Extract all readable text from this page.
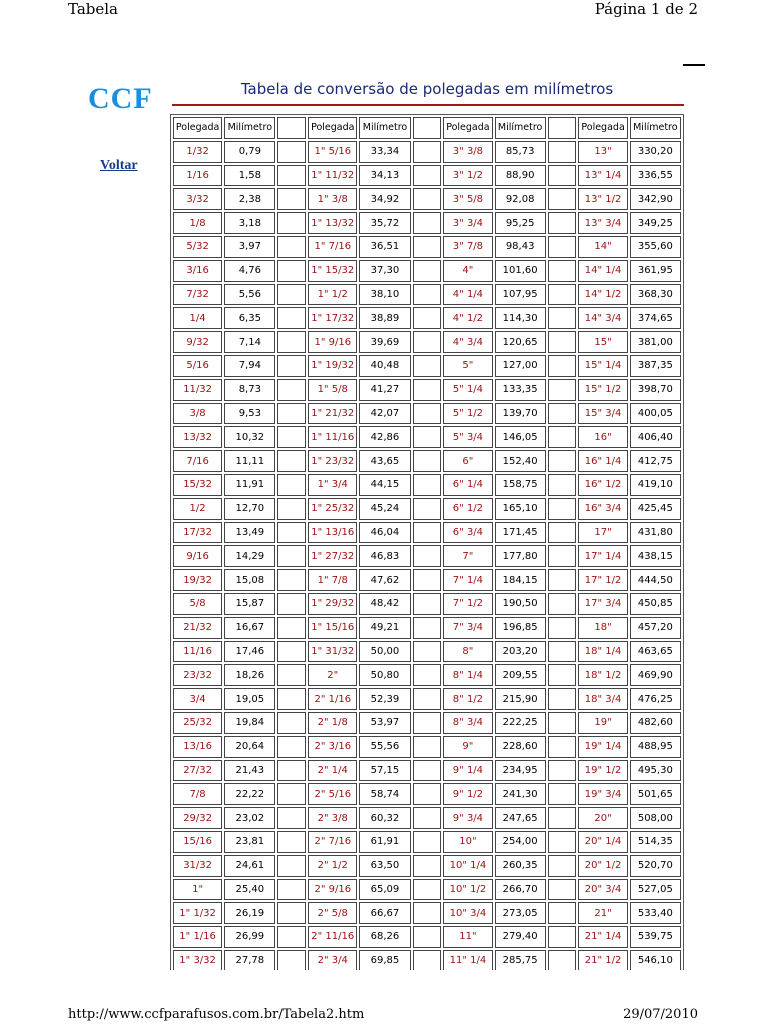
Tabela	Página 1 de 2
CCF
Voltar
Tabela de conversão de polegadas em milímetros
Polegada	Milímetro		Polegada	Milímetro		Polegada	Milímetro		Polegada	Milímetro
1/32	0,79		1" 5/16	33,34		3" 3/8	85,73		13"	330,20
1/16	1,58		1" 11/32	34,13		3" 1/2	88,90		13" 1/4	336,55
3/32	2,38		1" 3/8	34,92		3" 5/8	92,08		13" 1/2	342,90
1/8	3,18		1" 13/32	35,72		3" 3/4	95,25		13" 3/4	349,25
5/32	3,97		1" 7/16	36,51		3" 7/8	98,43		14"	355,60
3/16	4,76		1" 15/32	37,30		4"	101,60		14" 1/4	361,95
7/32	5,56		1" 1/2	38,10		4" 1/4	107,95		14" 1/2	368,30
1/4	6,35		1" 17/32	38,89		4" 1/2	114,30		14" 3/4	374,65
9/32	7,14		1" 9/16	39,69		4" 3/4	120,65		15"	381,00
5/16	7,94		1" 19/32	40,48		5"	127,00		15" 1/4	387,35
11/32	8,73		1" 5/8	41,27		5" 1/4	133,35		15" 1/2	398,70
3/8	9,53		1" 21/32	42,07		5" 1/2	139,70		15" 3/4	400,05
13/32	10,32		1" 11/16	42,86		5" 3/4	146,05		16"	406,40
7/16	11,11		1" 23/32	43,65		6"	152,40		16" 1/4	412,75
15/32	11,91		1" 3/4	44,15		6" 1/4	158,75		16" 1/2	419,10
1/2	12,70		1" 25/32	45,24		6" 1/2	165,10		16" 3/4	425,45
17/32	13,49		1" 13/16	46,04		6" 3/4	171,45		17"	431,80
9/16	14,29		1" 27/32	46,83		7"	177,80		17" 1/4	438,15
19/32	15,08		1" 7/8	47,62		7" 1/4	184,15		17" 1/2	444,50
5/8	15,87		1" 29/32	48,42		7" 1/2	190,50		17" 3/4	450,85
21/32	16,67		1" 15/16	49,21		7" 3/4	196,85		18"	457,20
11/16	17,46		1" 31/32	50,00		8"	203,20		18" 1/4	463,65
23/32	18,26		2"	50,80		8" 1/4	209,55		18" 1/2	469,90
3/4	19,05		2" 1/16	52,39		8" 1/2	215,90		18" 3/4	476,25
25/32	19,84		2" 1/8	53,97		8" 3/4	222,25		19"	482,60
13/16	20,64		2" 3/16	55,56		9"	228,60		19" 1/4	488,95
27/32	21,43		2" 1/4	57,15		9" 1/4	234,95		19" 1/2	495,30
7/8	22,22		2" 5/16	58,74		9" 1/2	241,30		19" 3/4	501,65
29/32	23,02		2" 3/8	60,32		9" 3/4	247,65		20"	508,00
15/16	23,81		2" 7/16	61,91		10"	254,00		20" 1/4	514,35
31/32	24,61		2" 1/2	63,50		10" 1/4	260,35		20" 1/2	520,70
1"	25,40		2" 9/16	65,09		10" 1/2	266,70		20" 3/4	527,05
1" 1/32	26,19		2" 5/8	66,67		10" 3/4	273,05		21"	533,40
1" 1/16	26,99		2" 11/16	68,26		11"	279,40		21" 1/4	539,75
1" 3/32	27,78		2" 3/4	69,85		11" 1/4	285,75		21" 1/2	546,10

http://www.ccfparafusos.com.br/Tabela2.htm	29/07/2010
